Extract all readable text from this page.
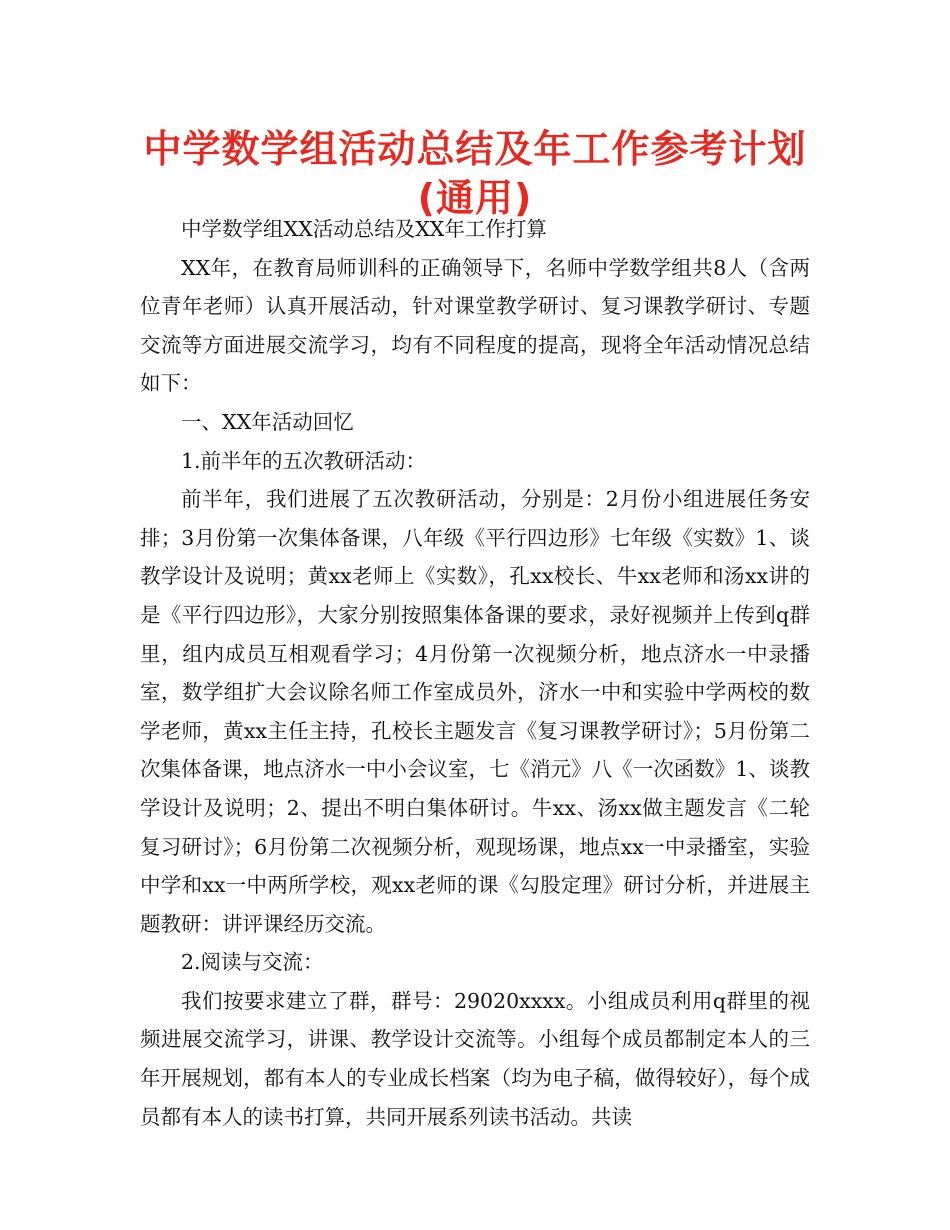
中学数学组活动总结及年工作参考计划
(通用)

中学数学组XX活动总结及XX年工作打算

XX年，在教育局师训科的正确领导下，名师中学数学组共8人（含两位青年老师）认真开展活动，针对课堂教学研讨、复习课教学研讨、专题交流等方面进展交流学习，均有不同程度的提高，现将全年活动情况总结如下：

一、XX年活动回忆

1.前半年的五次教研活动：

前半年，我们进展了五次教研活动，分别是：2月份小组进展任务安排；3月份第一次集体备课，八年级《平行四边形》七年级《实数》1、谈教学设计及说明；黄xx老师上《实数》，孔xx校长、牛xx老师和汤xx讲的是《平行四边形》，大家分别按照集体备课的要求，录好视频并上传到q群里，组内成员互相观看学习；4月份第一次视频分析，地点济水一中录播室，数学组扩大会议除名师工作室成员外，济水一中和实验中学两校的数学老师，黄xx主任主持，孔校长主题发言《复习课教学研讨》；5月份第二次集体备课，地点济水一中小会议室，七《消元》八《一次函数》1、谈教学设计及说明；2、提出不明白集体研讨。牛xx、汤xx做主题发言《二轮复习研讨》；6月份第二次视频分析，观现场课，地点xx一中录播室，实验中学和xx一中两所学校，观xx老师的课《勾股定理》研讨分析，并进展主题教研：讲评课经历交流。

2.阅读与交流：

我们按要求建立了群，群号：29020xxxx。小组成员利用q群里的视频进展交流学习，讲课、教学设计交流等。小组每个成员都制定本人的三年开展规划，都有本人的专业成长档案（均为电子稿，做得较好），每个成员都有本人的读书打算，共同开展系列读书活动。共读
